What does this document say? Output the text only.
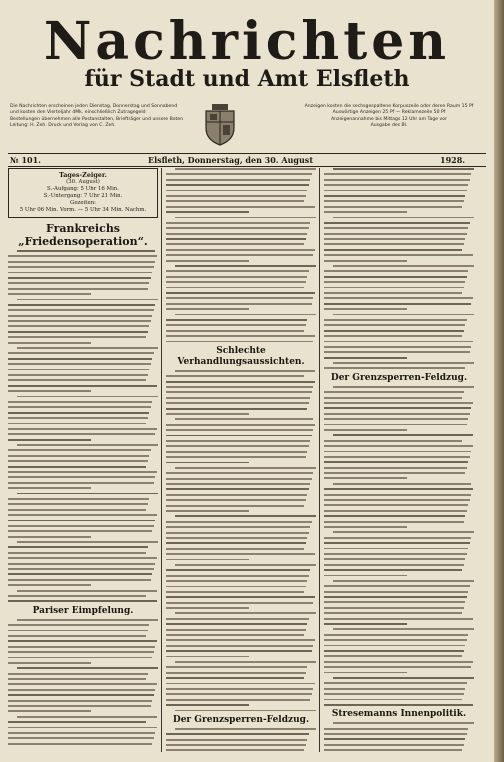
Nachrichten
für Stadt und Amt Elsfleth
Die Nachrichten erscheinen jeden Dienstag, Donnerstag und Sonnabend
und kosten den Vierteljahr 4Mk. einschließlich Zutragegeld
Bestellungen übernehmen alle Postanstalten, Briefträger und unsere Boten
Leitung: H. Zeh. Druck und Verlag von C. Zeh.
Anzeigen kosten die sechsgespaltene Korpuszeile oder deren Raum 15 Pf
Auswärtige Anzeigen 25 Pf — Reklamezeile 50 Pf
Anzeigenannahme bis Mittags 12 Uhr am Tage vor
Ausgabe des Bl.
№ 101.	Elsfleth, Donnerstag, den 30. August	1928.
Tages-Zeiger.
(30. August)
S.-Aufgang: 5 Uhr 16 Min.
S.-Untergang: 7 Uhr 21 Min.
Gezeiten:
5 Uhr 06 Min. Vorm. — 5 Uhr 34 Min. Nachm.
Frankreichs „Friedensoperation“.
Pariser Eimpfelung.
Schlechte Verhandlungsaussichten.
Der Grenzsperren-Feldzug.
Der Grenzsperren-Feldzug.
Stresemanns Innenpolitik.
